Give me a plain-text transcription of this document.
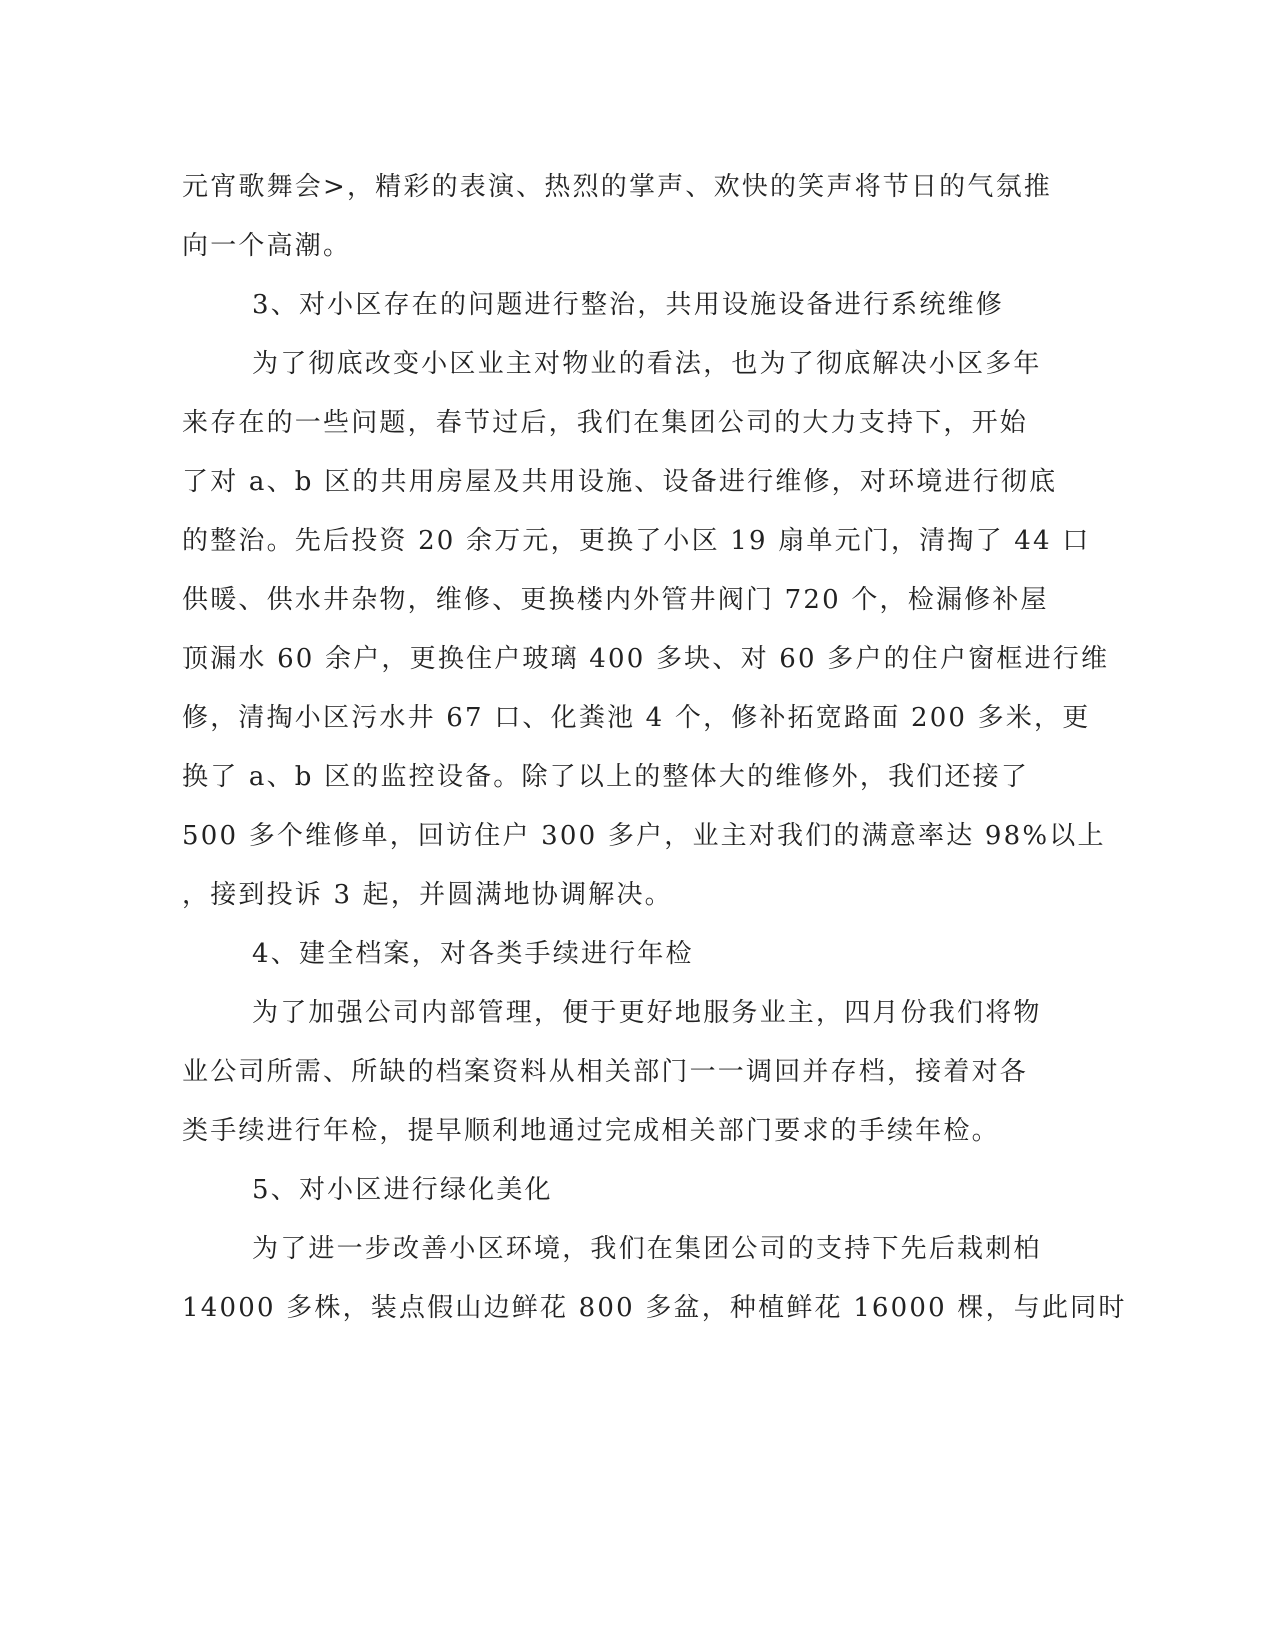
元宵歌舞会>，精彩的表演、热烈的掌声、欢快的笑声将节日的气氛推
向一个高潮。
3、对小区存在的问题进行整治，共用设施设备进行系统维修
为了彻底改变小区业主对物业的看法，也为了彻底解决小区多年
来存在的一些问题，春节过后，我们在集团公司的大力支持下，开始
了对 a、b 区的共用房屋及共用设施、设备进行维修，对环境进行彻底
的整治。先后投资 20 余万元，更换了小区 19 扇单元门，清掏了 44 口
供暖、供水井杂物，维修、更换楼内外管井阀门 720 个，检漏修补屋
顶漏水 60 余户，更换住户玻璃 400 多块、对 60 多户的住户窗框进行维
修，清掏小区污水井 67 口、化粪池 4 个，修补拓宽路面 200 多米，更
换了 a、b 区的监控设备。除了以上的整体大的维修外，我们还接了
500 多个维修单，回访住户 300 多户，业主对我们的满意率达 98%以上
，接到投诉 3 起，并圆满地协调解决。
4、建全档案，对各类手续进行年检
为了加强公司内部管理，便于更好地服务业主，四月份我们将物
业公司所需、所缺的档案资料从相关部门一一调回并存档，接着对各
类手续进行年检，提早顺利地通过完成相关部门要求的手续年检。
5、对小区进行绿化美化
为了进一步改善小区环境，我们在集团公司的支持下先后栽刺柏
14000 多株，装点假山边鲜花 800 多盆，种植鲜花 16000 棵，与此同时
